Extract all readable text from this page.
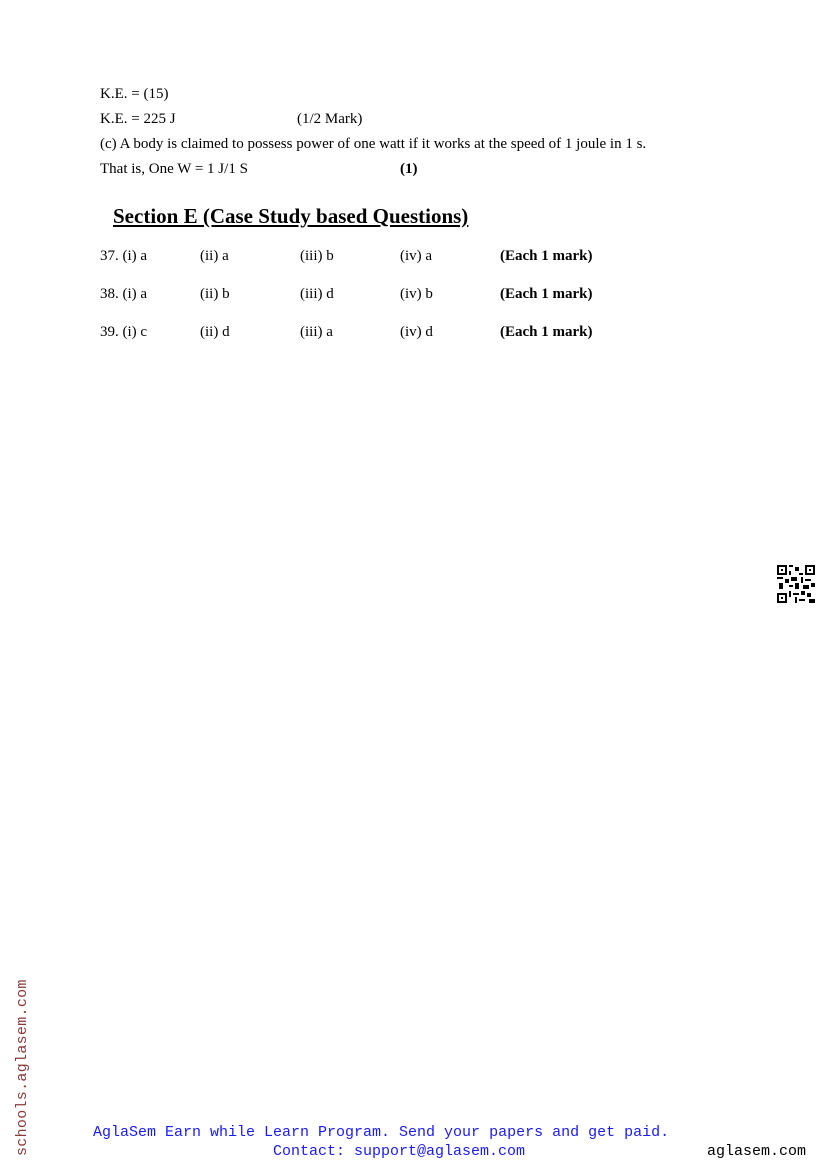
K.E. = (15)
K.E. = 225 J	(1/2 Mark)
(c) A body is claimed to possess power of one watt if it works at the speed of 1 joule in 1 s.
That is, One W = 1 J/1 S	(1)
Section E (Case Study based Questions)
37. (i) a	(ii) a	(iii) b	(iv) a	(Each 1 mark)
38. (i) a	(ii) b	(iii) d	(iv) b	(Each 1 mark)
39. (i) c	(ii) d	(iii) a	(iv) d	(Each 1 mark)
schools.aglasem.com	AglaSem Earn while Learn Program. Send your papers and get paid.
Contact: support@aglasem.com	aglasem.com
